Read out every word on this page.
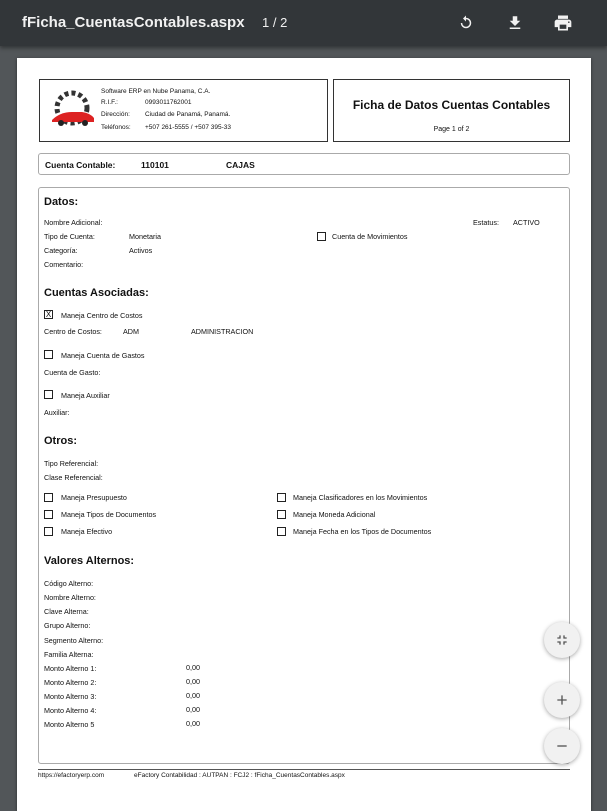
fFicha_CuentasContables.aspx 1 / 2
Software ERP en Nube Panama, C.A.
R.I.F.:	0993011762001
Dirección:	Ciudad de Panamá, Panamá.
Teléfonos:	+507 261-5555 / +507 395-33
Ficha de Datos Cuentas Contables
Page 1 of 2
Cuenta Contable:	110101	CAJAS
Datos:
Nombre Adicional:	Estatus: ACTIVO
Tipo de Cuenta:	Monetaria	Cuenta de Movimientos
Categoría:	Activos
Comentario:
Cuentas Asociadas:
X Maneja Centro de Costos
Centro de Costos:	ADM	ADMINISTRACION
Maneja Cuenta de Gastos
Cuenta de Gasto:
Maneja Auxiliar
Auxiliar:
Otros:
Tipo Referencial:
Clase Referencial:
Maneja Presupuesto
Maneja Tipos de Documentos
Maneja Efectivo
Maneja Clasificadores en los Movimientos
Maneja Moneda Adicional
Maneja Fecha en los Tipos de Documentos
Valores Alternos:
Código Alterno:
Nombre Alterno:
Clave Alterna:
Grupo Alterno:
Segmento Alterno:
Familia Alterna:
Monto Alterno 1:	0,00
Monto Alterno 2:	0,00
Monto Alterno 3:	0,00
Monto Alterno 4:	0,00
Monto Alterno 5	0,00
https://efactoryerp.com	eFactory Contabilidad : AUTPAN : FCJ2 : fFicha_CuentasContables.aspx
